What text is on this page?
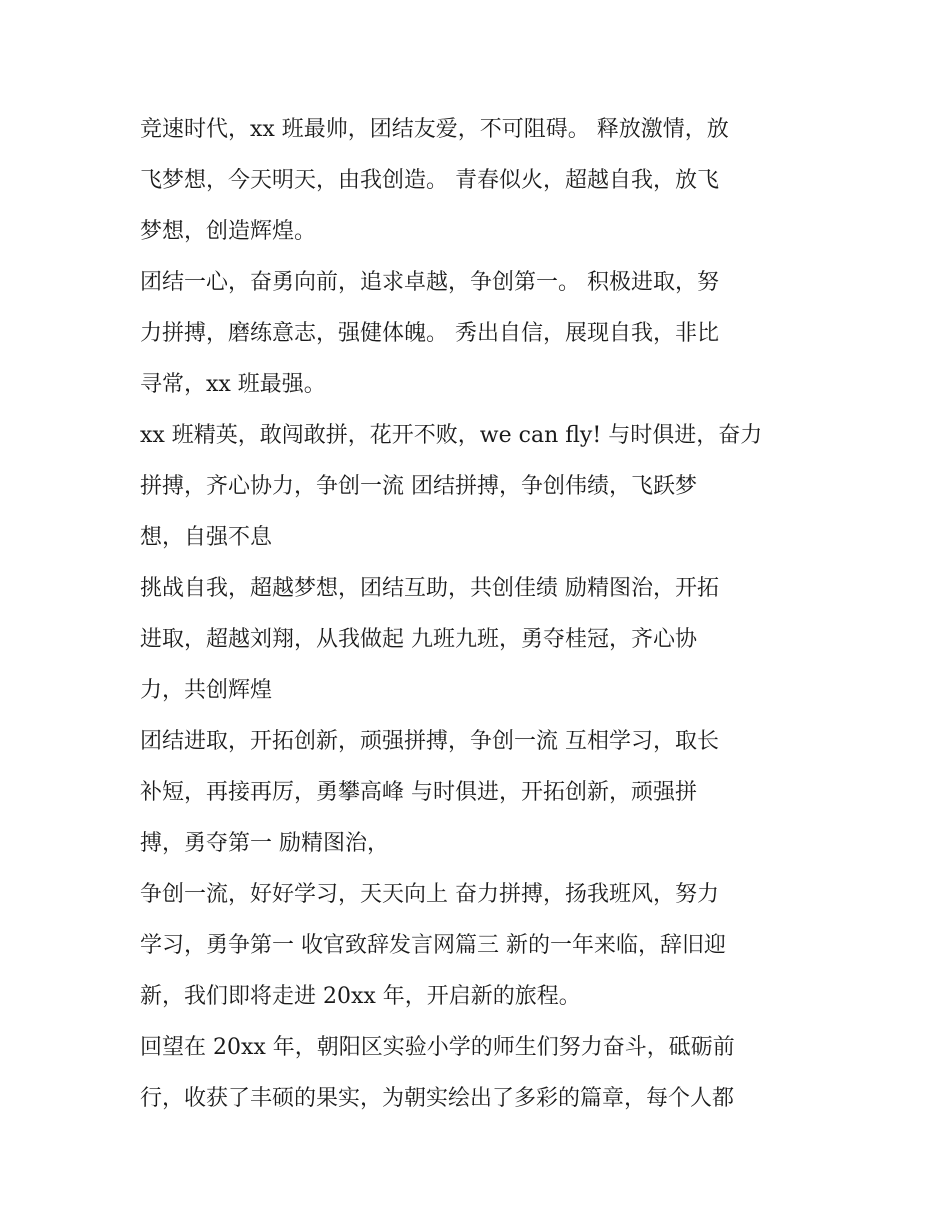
竞速时代，xx 班最帅，团结友爱，不可阻碍。 释放激情，放
飞梦想，今天明天，由我创造。 青春似火，超越自我，放飞
梦想，创造辉煌。
团结一心，奋勇向前，追求卓越，争创第一。 积极进取，努
力拼搏，磨练意志，强健体魄。 秀出自信，展现自我，非比
寻常，xx 班最强。
xx 班精英，敢闯敢拼，花开不败，we can fly! 与时俱进，奋力
拼搏，齐心协力，争创一流 团结拼搏，争创伟绩，飞跃梦
想，自强不息
挑战自我，超越梦想，团结互助，共创佳绩 励精图治，开拓
进取，超越刘翔，从我做起 九班九班，勇夺桂冠，齐心协
力，共创辉煌
团结进取，开拓创新，顽强拼搏，争创一流 互相学习，取长
补短，再接再厉，勇攀高峰 与时俱进，开拓创新，顽强拼
搏，勇夺第一 励精图治，
争创一流，好好学习，天天向上 奋力拼搏，扬我班风，努力
学习，勇争第一 收官致辞发言网篇三 新的一年来临，辞旧迎
新，我们即将走进 20xx 年，开启新的旅程。
回望在 20xx 年，朝阳区实验小学的师生们努力奋斗，砥砺前
行，收获了丰硕的果实，为朝实绘出了多彩的篇章，每个人都
